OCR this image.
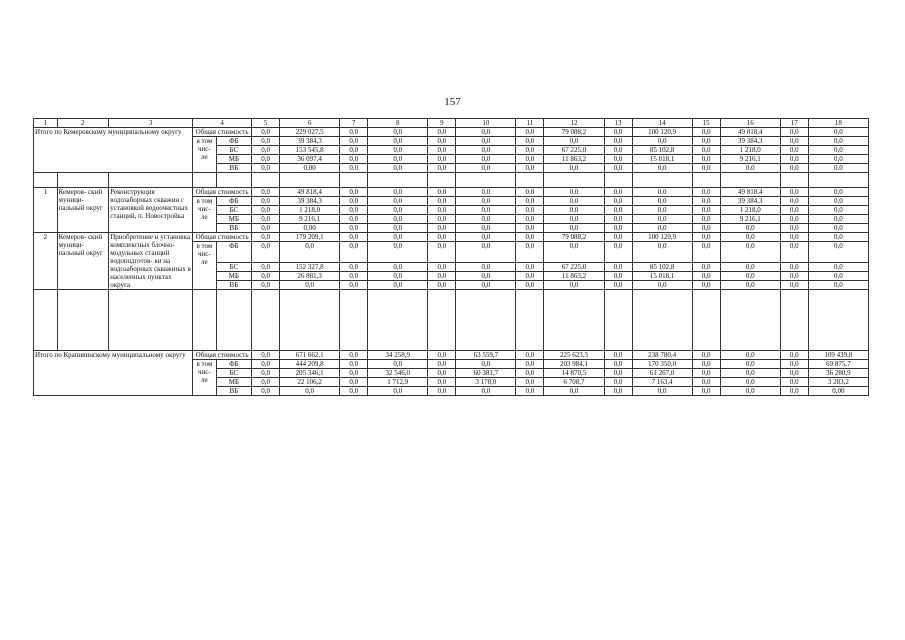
157
1	2	3	4		5	6	7	8	9	10	11	12	13	14	15	16	17	18
Итого по Кемеровскому муниципальному округу			Общая стоимость		0,0	229 027,5	0,0	0,0	0,0	0,0	0,0	79 088,2	0,0	100 120,9	0,0	49 818,4	0,0	0,0
			в том чис- ле	ФБ	0,0	39 384,3	0,0	0,0	0,0	0,0	0,0	0,0	0,0	0,0	0,0	39 384,3	0,0	0,0
				БС	0,0	153 545,8	0,0	0,0	0,0	0,0	0,0	67 225,0	0,0	85 102,8	0,0	1 218,0	0,0	0,0
				МБ	0,0	36 097,4	0,0	0,0	0,0	0,0	0,0	11 863,2	0,0	15 018,1	0,0	9 216,1	0,0	0,0
				ВБ	0,0	0,00	0,0	0,0	0,0	0,0	0,0	0,0	0,0	0,0	0,0	0,0	0,0	0,0

1	Кемеров- ский муници- пальный округ	Реконструкция водозаборных скважин с установкой водоочистных станций, п. Новостройка	Общая стоимость		0,0	49 818,4	0,0	0,0	0,0	0,0	0,0	0,0	0,0	0,0	0,0	49 818,4	0,0	0,0
			в том чис- ле	ФБ	0,0	39 384,3	0,0	0,0	0,0	0,0	0,0	0,0	0,0	0,0	0,0	39 384,3	0,0	0,0
				БС	0,0	1 218,0	0,0	0,0	0,0	0,0	0,0	0,0	0,0	0,0	0,0	1 218,0	0,0	0,0
				МБ	0,0	9 216,1	0,0	0,0	0,0	0,0	0,0	0,0	0,0	0,0	0,0	9 216,1	0,0	0,0
				ВБ	0,0	0,00	0,0	0,0	0,0	0,0	0,0	0,0	0,0	0,0	0,0	0,0	0,0	0,0
2	Кемеров- ский муници- пальный округ	Приобретение и установка комплексных блочно- модульных станций водоподготов- ки на водозаборных скважинах в населенных пунктах округа	Общая стоимость		0,0	179 209,1	0,0	0,0	0,0	0,0	0,0	79 088,2	0,0	100 120,9	0,0	0,0	0,0	0,0
			в том чис- ле	ФБ	0,0	0,0	0,0	0,0	0,0	0,0	0,0	0,0	0,0	0,0	0,0	0,0	0,0	0,0
				БС	0,0	152 327,8	0,0	0,0	0,0	0,0	0,0	67 225,0	0,0	85 102,8	0,0	0,0	0,0	0,0
				МБ	0,0	26 881,3	0,0	0,0	0,0	0,0	0,0	11 863,2	0,0	15 018,1	0,0	0,0	0,0	0,0
				ВБ	0,0	0,0	0,0	0,0	0,0	0,0	0,0	0,0	0,0	0,0	0,0	0,0	0,0	0,0

Итого по Крапивинскому муниципальному округу			Общая стоимость		0,0	671 662,1	0,0	34 258,9	0,0	63 559,7	0,0	225 623,3	0,0	238 780,4	0,0	0,0	0,0	109 439,8
			в том чис- ле	ФБ	0,0	444 209,8	0,0	0,0	0,0	0,0	0,0	203 984,1	0,0	170 350,0	0,0	0,0	0,0	69 875,7
				БС	0,0	205 346,1	0,0	32 546,0	0,0	60 381,7	0,0	14 870,5	0,0	61 267,0	0,0	0,0	0,0	36 280,9
				МБ	0,0	22 106,2	0,0	1 712,9	0,0	3 178,0	0,0	6 708,7	0,0	7 163,4	0,0	0,0	0,0	3 283,2
				ВБ	0,0	0,0	0,0	0,0	0,0	0,0	0,0	0,0	0,0	0,0	0,0	0,0	0,0	0,00
